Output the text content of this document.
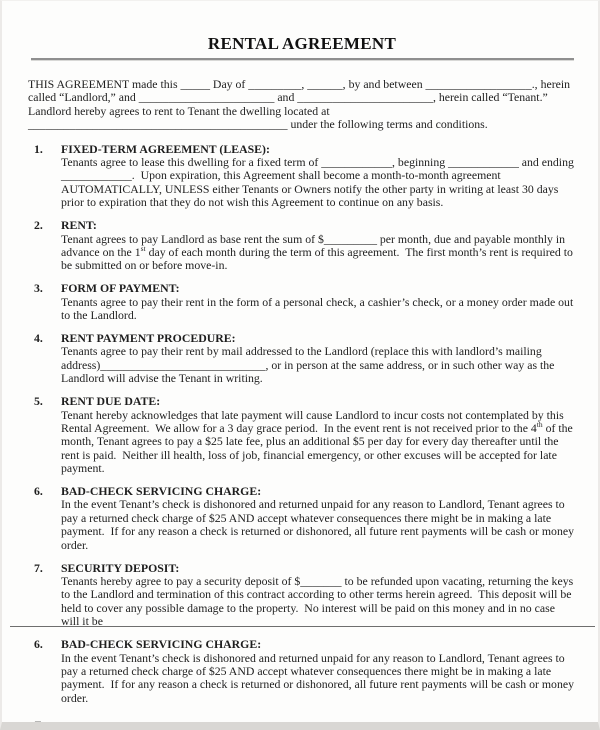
RENTAL AGREEMENT

THIS AGREEMENT made this _____ Day of _________, ______, by and between __________________., herein called “Landlord,” and _______________________ and _______________________, herein called “Tenant.” Landlord hereby agrees to rent to Tenant the dwelling located at ____________________________________________ under the following terms and conditions.

1.	FIXED-TERM AGREEMENT (LEASE):
Tenants agree to lease this dwelling for a fixed term of ____________, beginning ____________ and ending ____________.  Upon expiration, this Agreement shall become a month-to-month agreement AUTOMATICALLY, UNLESS either Tenants or Owners notify the other party in writing at least 30 days prior to expiration that they do not wish this Agreement to continue on any basis.
2.	RENT:
Tenant agrees to pay Landlord as base rent the sum of $_________ per month, due and payable monthly in advance on the 1st day of each month during the term of this agreement.  The first month’s rent is required to be submitted on or before move-in.
3.	FORM OF PAYMENT:
Tenants agree to pay their rent in the form of a personal check, a cashier’s check, or a money order made out to the Landlord.
4.	RENT PAYMENT PROCEDURE:
Tenants agree to pay their rent by mail addressed to the Landlord (replace this with landlord’s mailing address)____________________________, or in person at the same address, or in such other way as the Landlord will advise the Tenant in writing.
5.	RENT DUE DATE:
Tenant hereby acknowledges that late payment will cause Landlord to incur costs not contemplated by this Rental Agreement.  We allow for a 3 day grace period.  In the event rent is not received prior to the 4th of the month, Tenant agrees to pay a $25 late fee, plus an additional $5 per day for every day thereafter until the rent is paid.  Neither ill health, loss of job, financial emergency, or other excuses will be accepted for late payment.
6.	BAD-CHECK SERVICING CHARGE:
In the event Tenant’s check is dishonored and returned unpaid for any reason to Landlord, Tenant agrees to pay a returned check charge of $25 AND accept whatever consequences there might be in making a late payment.  If for any reason a check is returned or dishonored, all future rent payments will be cash or money order.
7.	SECURITY DEPOSIT:
Tenants hereby agree to pay a security deposit of $_______ to be refunded upon vacating, returning the keys to the Landlord and termination of this contract according to other terms herein agreed.  This deposit will be held to cover any possible damage to the property.  No interest will be paid on this money and in no case will it be
6.	BAD-CHECK SERVICING CHARGE:
In the event Tenant’s check is dishonored and returned unpaid for any reason to Landlord, Tenant agrees to pay a returned check charge of $25 AND accept whatever consequences there might be in making a late payment.  If for any reason a check is returned or dishonored, all future rent payments will be cash or money order.
–
